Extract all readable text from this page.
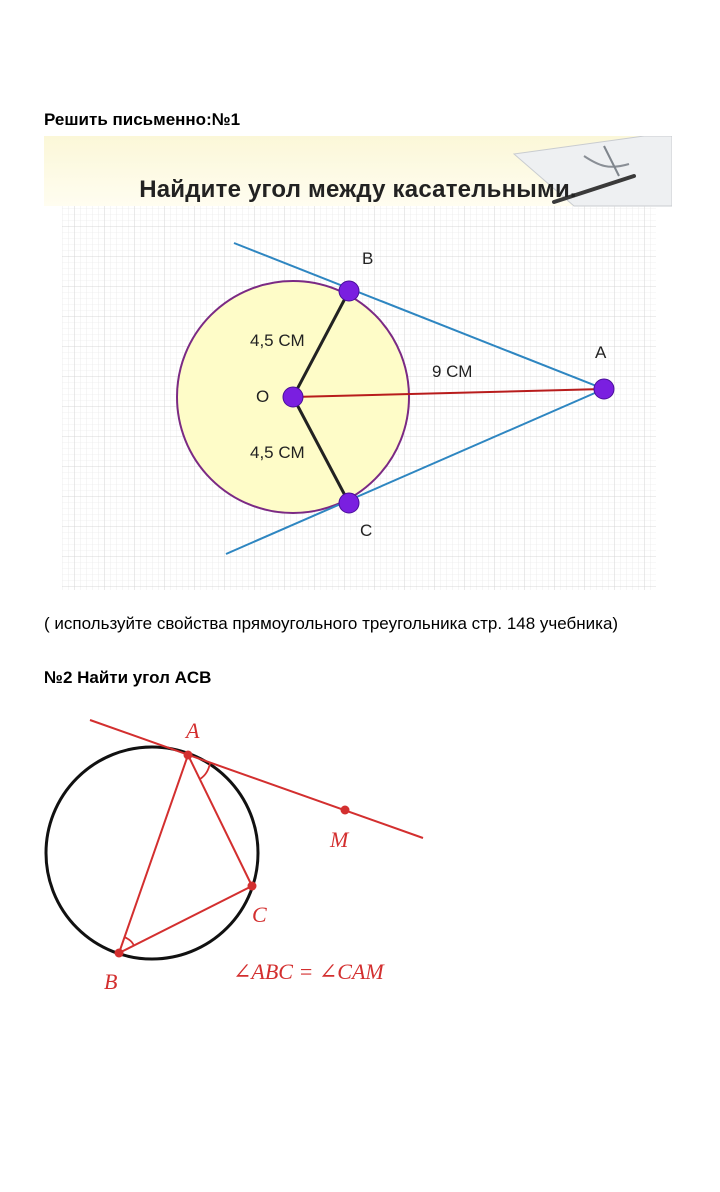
Решить письменно:№1
B
A
O
C
4,5 СМ
4,5 СМ
9 СМ
Найдите угол между касательными.
( используйте свойства прямоугольного треугольника стр. 148 учебника)
№2 Найти угол ACB
A
M
C
B	∠ABC = ∠CAM
